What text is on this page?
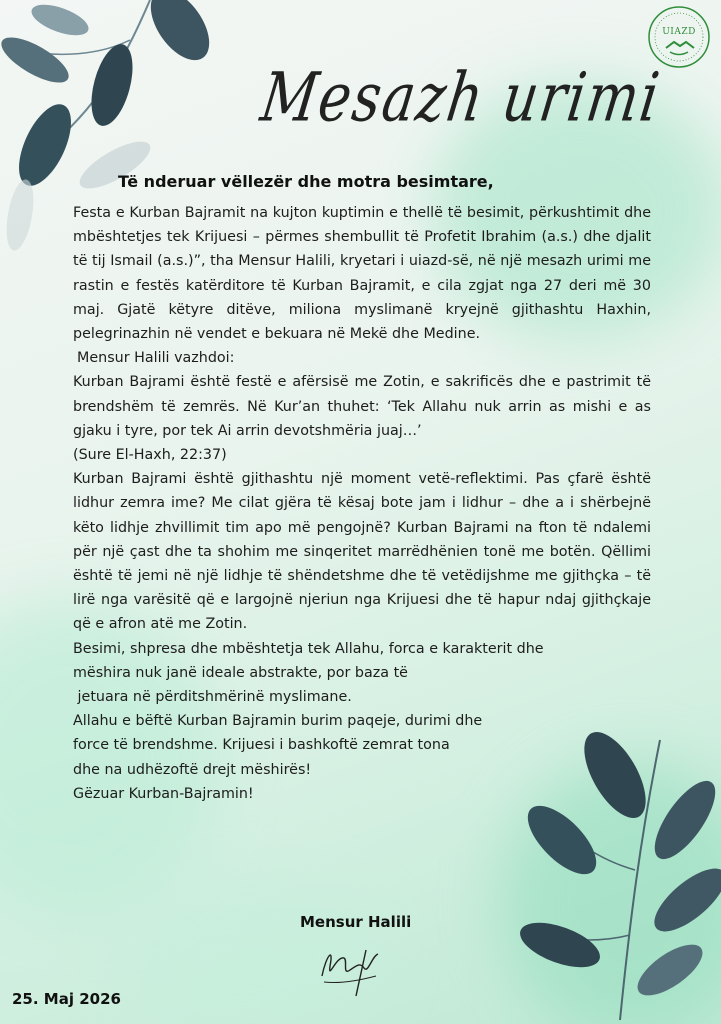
UIAZD
Mesazh urimi
Të nderuar vëllezër dhe motra besimtare,
Festa e Kurban Bajramit na kujton kuptimin e thellë të besimit, përkushtimit dhe mbështetjes tek Krijuesi – përmes shembullit të Profetit Ibrahim (a.s.) dhe djalit të tij Ismail (a.s.)”, tha Mensur Halili, kryetari i uiazd-së, në një mesazh urimi me rastin e festës katërditore të Kurban Bajramit, e cila zgjat nga 27 deri më 30 maj. Gjatë këtyre ditëve, miliona myslimanë kryejnë gjithashtu Haxhin, pelegrinazhin në vendet e bekuara në Mekë dhe Medine.
Mensur Halili vazhdoi:
Kurban Bajrami është festë e afërsisë me Zotin, e sakrificës dhe e pastrimit të brendshëm të zemrës. Në Kur’an thuhet: ‘Tek Allahu nuk arrin as mishi e as gjaku i tyre, por tek Ai arrin devotshmëria juaj…’
(Sure El-Haxh, 22:37)
Kurban Bajrami është gjithashtu një moment vetë-reflektimi. Pas çfarë është lidhur zemra ime? Me cilat gjëra të kësaj bote jam i lidhur – dhe a i shërbejnë këto lidhje zhvillimit tim apo më pengojnë? Kurban Bajrami na fton të ndalemi për një çast dhe ta shohim me sinqeritet marrëdhënien tonë me botën. Qëllimi është të jemi në një lidhje të shëndetshme dhe të vetëdijshme me gjithçka – të lirë nga varësitë që e largojnë njeriun nga Krijuesi dhe të hapur ndaj gjithçkaje që e afron atë me Zotin.
Besimi, shpresa dhe mbështetja tek Allahu, forca e karakterit dhe
mëshira nuk janë ideale abstrakte, por baza të
jetuara në përditshmërinë myslimane.
Allahu e bëftë Kurban Bajramin burim paqeje, durimi dhe
force të brendshme. Krijuesi i bashkoftë zemrat tona
dhe na udhëzoftë drejt mëshirës!
Gëzuar Kurban-Bajramin!
Mensur Halili
25. Maj 2026
